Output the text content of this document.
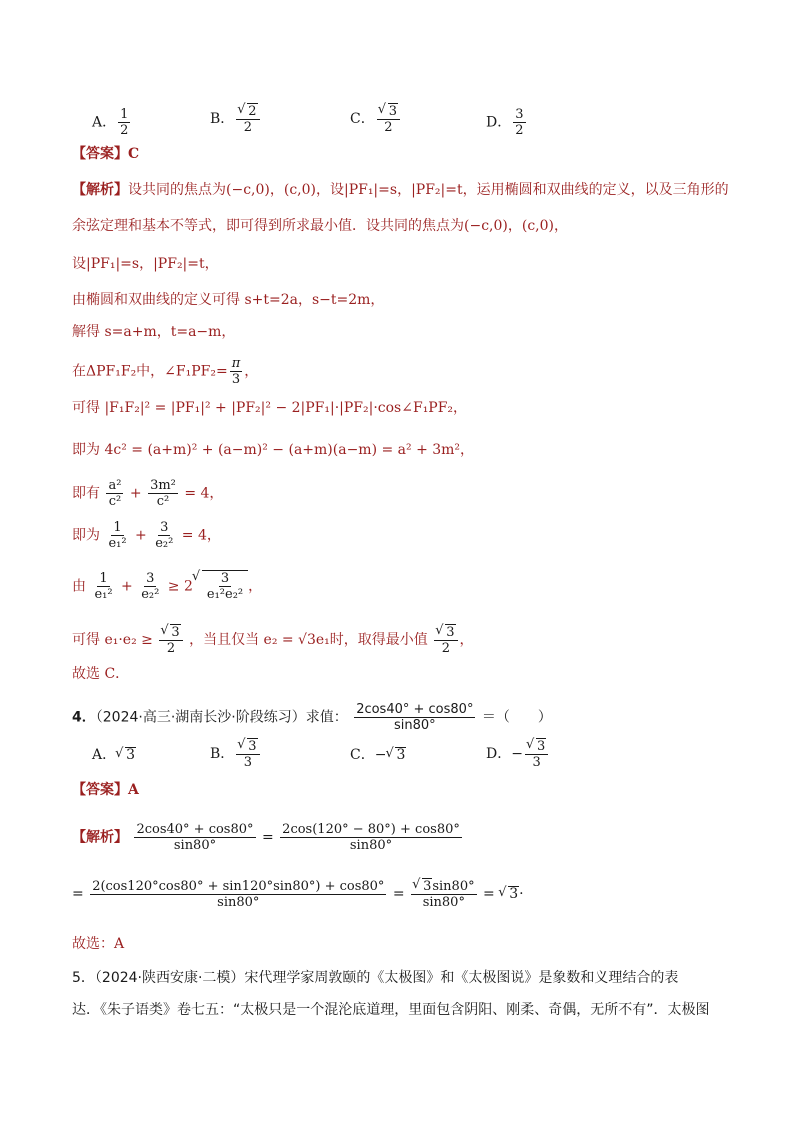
A． $\frac{1}{2}$	B． √ $\frac{2}{2}$	C． √ $\frac{3}{2}$	D． $\frac{3}{2}$
【答案】C
【解析】设共同的焦点为(−c,0)，(c,0)，设|PF₁|=s，|PF₂|=t，运用椭圆和双曲线的定义，以及三角形的
余弦定理和基本不等式，即可得到所求最小值．设共同的焦点为(−c,0)，(c,0)，
设|PF₁|=s，|PF₂|=t，
由椭圆和双曲线的定义可得 s+t=2a，s−t=2m，
解得 s=a+m，t=a−m，
在ΔPF₁F₂中，∠F₁PF₂= $\frac{\pi}{3}$ ，
可得 |F₁F₂|² = |PF₁|² + |PF₂|² − 2|PF₁|·|PF₂|·cos∠F₁PF₂，
即为 4c² = (a+m)² + (a−m)² − (a+m)(a−m) = a² + 3m²，
即有 $\frac{\text{a²}}{\text{c²}} + \frac{\text{3m²}}{\text{c²}} = 4$，
即为 $\frac{1}{\text{e₁²}} + \frac{3}{\text{e₂²}} = 4$，
由 $\frac{1}{\text{e₁²}} + \frac{3}{\text{e₂²}} \ge 2$ √ $\frac{3}{\text{e₁²e₂²}}$ ，
可得 e₁·e₂ ≥ √ $\frac{3}{2}$ ，当且仅当 e₂ = √3e₁时，取得最小值 √ $\frac{3}{2}$ ，
故选 C．
4．（2024·高三·湖南长沙·阶段练习）求值： $\frac{2\cos 40^\circ + \cos 80^\circ}{\sin 80^\circ}$ ＝（　　）
A． √ 3	B． √ $\frac{3}{3}$	C．− √ 3	D．− √ $\frac{3}{3}$
【答案】A
【解析】 $\frac{2\cos 40^\circ + \cos 80^\circ}{\sin 80^\circ} = \frac{2\cos(120^\circ - 80^\circ) + \cos 80^\circ}{\sin 80^\circ}$
= $\frac{2(\cos 120^\circ\cos 80^\circ + \sin 120^\circ\sin 80^\circ) + \cos 80^\circ}{\sin 80^\circ}$ = √ $\frac{3\sin 80^\circ}{\sin 80^\circ}$ = √ 3·
故选：A
5．（2024·陕西安康·二模）宋代理学家周敦颐的《太极图》和《太极图说》是象数和义理结合的表
达．《朱子语类》卷七五：“太极只是一个混沦底道理，里面包含阴阳、刚柔、奇偶，无所不有”．太极图
